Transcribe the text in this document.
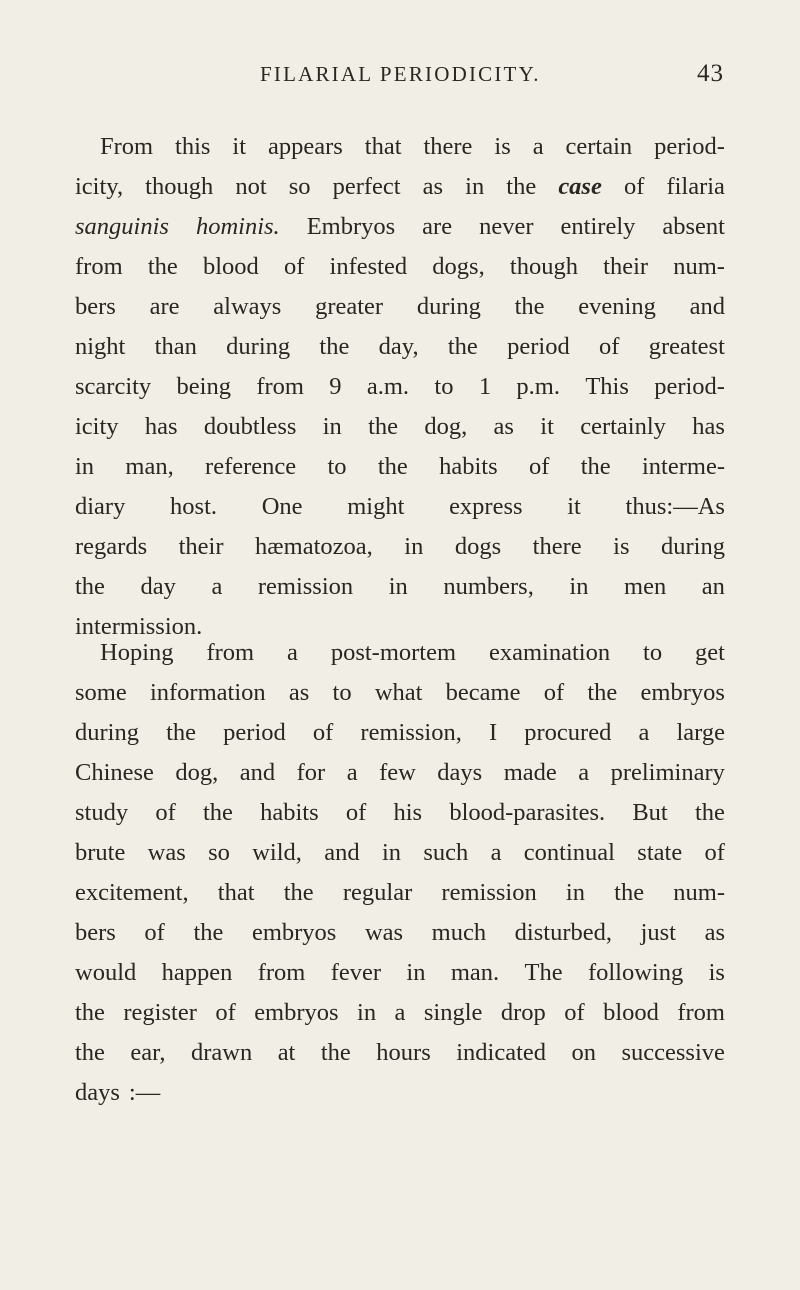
FILARIAL PERIODICITY.	43
From this it appears that there is a certain period-
icity, though not so perfect as in the case of filaria
sanguinis hominis. Embryos are never entirely absent
from the blood of infested dogs, though their num-
bers are always greater during the evening and
night than during the day, the period of greatest
scarcity being from 9 a.m. to 1 p.m. This period-
icity has doubtless in the dog, as it certainly has
in man, reference to the habits of the interme-
diary host. One might express it thus:—As
regards their hæmatozoa, in dogs there is during
the day a remission in numbers, in men an
intermission.
Hoping from a post-mortem examination to get
some information as to what became of the embryos
during the period of remission, I procured a large
Chinese dog, and for a few days made a preliminary
study of the habits of his blood-parasites. But the
brute was so wild, and in such a continual state of
excitement, that the regular remission in the num-
bers of the embryos was much disturbed, just as
would happen from fever in man. The following is
the register of embryos in a single drop of blood from
the ear, drawn at the hours indicated on successive
days :—
